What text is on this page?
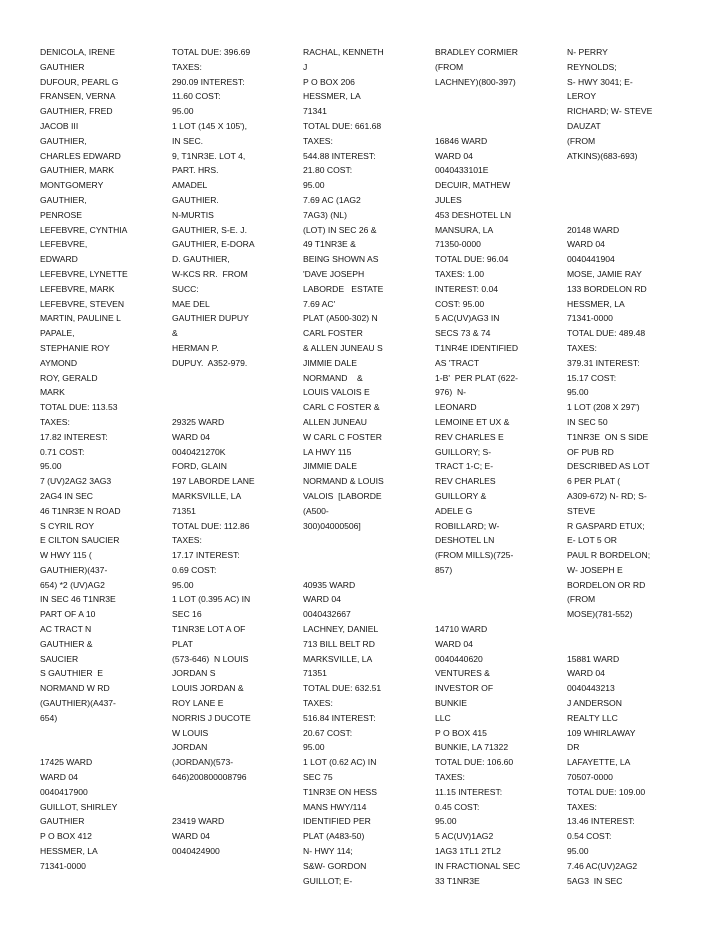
DENICOLA, IRENE
GAUTHIER
DUFOUR, PEARL G
FRANSEN, VERNA
GAUTHIER, FRED
JACOB III
GAUTHIER,
CHARLES EDWARD
GAUTHIER, MARK
MONTGOMERY
GAUTHIER,
PENROSE
LEFEBVRE, CYNTHIA
LEFEBVRE,
EDWARD
LEFEBVRE, LYNETTE
LEFEBVRE, MARK
LEFEBVRE, STEVEN
MARTIN, PAULINE L
PAPALE,
STEPHANIE ROY
AYMOND
ROY, GERALD
MARK
TOTAL DUE: 113.53
TAXES:
17.82 INTEREST:
0.71 COST:
95.00
7 (UV)2AG2 3AG3
2AG4 IN SEC
46 T1NR3E N ROAD
S CYRIL ROY
E CILTON SAUCIER
W HWY 115 (
GAUTHIER)(437-
654) *2 (UV)AG2
IN SEC 46 T1NR3E
PART OF A 10
AC TRACT N
GAUTHIER &
SAUCIER
S GAUTHIER  E
NORMAND W RD
(GAUTHIER)(A437-
654)
17425 WARD
WARD 04
0040417900
GUILLOT, SHIRLEY
GAUTHIER
P O BOX 412
HESSMER, LA
71341-0000
TOTAL DUE: 396.69
TAXES:
290.09 INTEREST:
11.60 COST:
95.00
1 LOT (145 X 105'),
IN SEC.
9, T1NR3E. LOT 4,
PART. HRS.
AMADEL
GAUTHIER.
N-MURTIS
GAUTHIER, S-E. J.
GAUTHIER, E-DORA
D. GAUTHIER,
W-KCS RR.  FROM
SUCC:
MAE DEL
GAUTHIER DUPUY
&
HERMAN P.
DUPUY.  A352-979.
29325 WARD
WARD 04
0040421270K
FORD, GLAIN
197 LABORDE LANE
MARKSVILLE, LA
71351
TOTAL DUE: 112.86
TAXES:
17.17 INTEREST:
0.69 COST:
95.00
1 LOT (0.395 AC) IN
SEC 16
T1NR3E LOT A OF
PLAT
(573-646)  N LOUIS
JORDAN S
LOUIS JORDAN &
ROY LANE E
NORRIS J DUCOTE
W LOUIS
JORDAN
(JORDAN)(573-
646)200800008796
23419 WARD
WARD 04
0040424900
RACHAL, KENNETH
J
P O BOX 206
HESSMER, LA
71341
TOTAL DUE: 661.68
TAXES:
544.88 INTEREST:
21.80 COST:
95.00
7.69 AC (1AG2
7AG3) (NL)
(LOT) IN SEC 26 &
49 T1NR3E &
BEING SHOWN AS
'DAVE JOSEPH
LABORDE   ESTATE
7.69 AC'
PLAT (A500-302) N
CARL FOSTER
& ALLEN JUNEAU S
JIMMIE DALE
NORMAND    &
LOUIS VALOIS E
CARL C FOSTER &
ALLEN JUNEAU
W CARL C FOSTER
LA HWY 115
JIMMIE DALE
NORMAND & LOUIS
VALOIS  [LABORDE
(A500-
300)04000506]
40935 WARD
WARD 04
0040432667
LACHNEY, DANIEL
713 BILL BELT RD
MARKSVILLE, LA
71351
TOTAL DUE: 632.51
TAXES:
516.84 INTEREST:
20.67 COST:
95.00
1 LOT (0.62 AC) IN
SEC 75
T1NR3E ON HESS
MANS HWY/114
IDENTIFIED PER
PLAT (A483-50)
N- HWY 114;
S&W- GORDON
GUILLOT; E-
BRADLEY CORMIER
(FROM
LACHNEY)(800-397)
16846 WARD
WARD 04
0040433101E
DECUIR, MATHEW
JULES
453 DESHOTEL LN
MANSURA, LA
71350-0000
TOTAL DUE: 96.04
TAXES: 1.00
INTEREST: 0.04
COST: 95.00
5 AC(UV)AG3 IN
SECS 73 & 74
T1NR4E IDENTIFIED
AS 'TRACT
1-B'  PER PLAT (622-
976)  N-
LEONARD
LEMOINE ET UX &
REV CHARLES E
GUILLORY; S-
TRACT 1-C; E-
REV CHARLES
GUILLORY &
ADELE G
ROBILLARD; W-
DESHOTEL LN
(FROM MILLS)(725-
857)
14710 WARD
WARD 04
0040440620
VENTURES &
INVESTOR OF
BUNKIE
LLC
P O BOX 415
BUNKIE, LA 71322
TOTAL DUE: 106.60
TAXES:
11.15 INTEREST:
0.45 COST:
95.00
5 AC(UV)1AG2
1AG3 1TL1 2TL2
IN FRACTIONAL SEC
33 T1NR3E
N- PERRY
REYNOLDS;
S- HWY 3041; E-
LEROY
RICHARD; W- STEVE
DAUZAT
(FROM
ATKINS)(683-693)
20148 WARD
WARD 04
0040441904
MOSE, JAMIE RAY
133 BORDELON RD
HESSMER, LA
71341-0000
TOTAL DUE: 489.48
TAXES:
379.31 INTEREST:
15.17 COST:
95.00
1 LOT (208 X 297')
IN SEC 50
T1NR3E  ON S SIDE
OF PUB RD
DESCRIBED AS LOT
6 PER PLAT (
A309-672) N- RD; S-
STEVE
R GASPARD ETUX;
E- LOT 5 OR
PAUL R BORDELON;
W- JOSEPH E
BORDELON OR RD
(FROM
MOSE)(781-552)
15881 WARD
WARD 04
0040443213
J ANDERSON
REALTY LLC
109 WHIRLAWAY
DR
LAFAYETTE, LA
70507-0000
TOTAL DUE: 109.00
TAXES:
13.46 INTEREST:
0.54 COST:
95.00
7.46 AC(UV)2AG2
5AG3  IN SEC
